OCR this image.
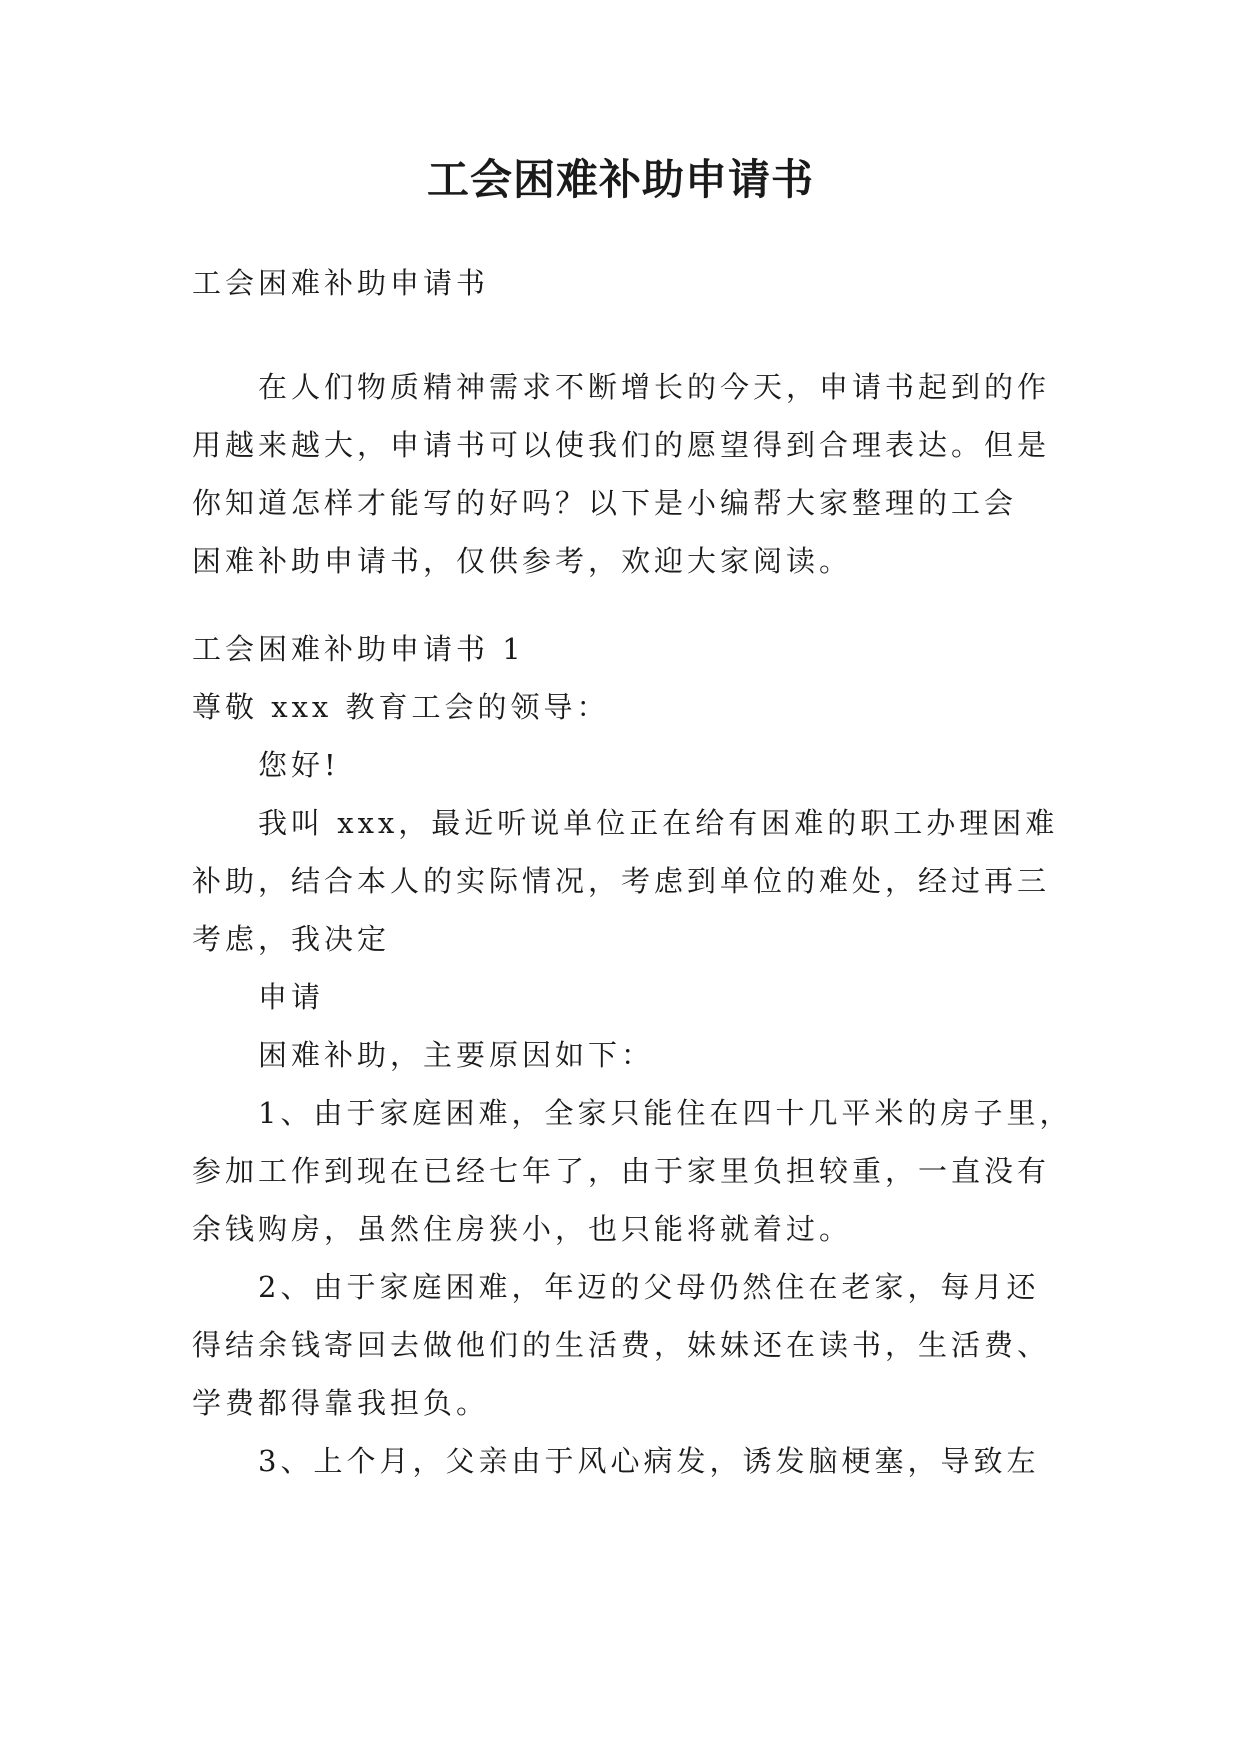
工会困难补助申请书
工会困难补助申请书
在人们物质精神需求不断增长的今天，申请书起到的作
用越来越大，申请书可以使我们的愿望得到合理表达。但是
你知道怎样才能写的好吗？以下是小编帮大家整理的工会
困难补助申请书，仅供参考，欢迎大家阅读。
工会困难补助申请书 1
尊敬 xxx 教育工会的领导：
您好!
我叫 xxx，最近听说单位正在给有困难的职工办理困难
补助，结合本人的实际情况，考虑到单位的难处，经过再三
考虑，我决定
申请
困难补助，主要原因如下：
1、由于家庭困难，全家只能住在四十几平米的房子里，
参加工作到现在已经七年了，由于家里负担较重，一直没有
余钱购房，虽然住房狭小，也只能将就着过。
2、由于家庭困难，年迈的父母仍然住在老家，每月还
得结余钱寄回去做他们的生活费，妹妹还在读书，生活费、
学费都得靠我担负。
3、上个月，父亲由于风心病发，诱发脑梗塞，导致左
